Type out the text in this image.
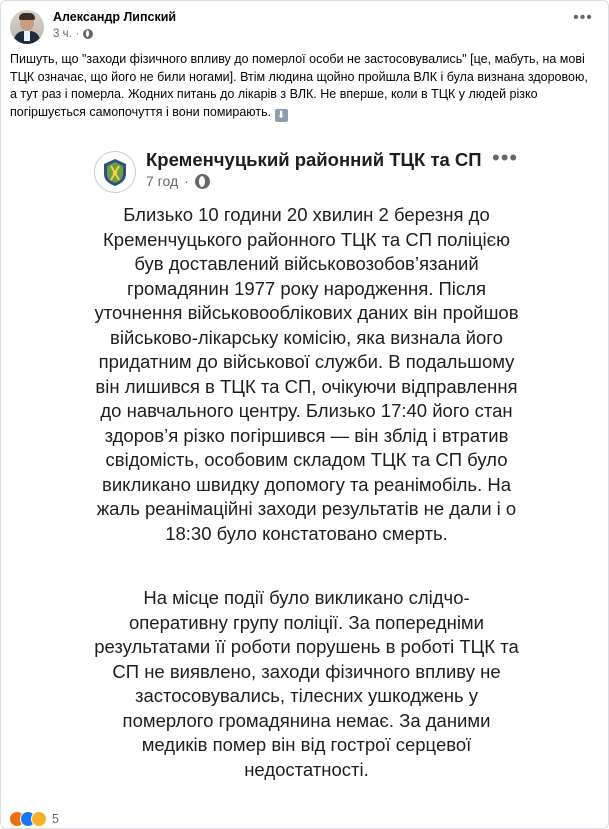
Александр Липский
3 ч. ·
•••
Пишуть, що "заходи фізичного впливу до померлої особи не застосовувались" [це, мабуть, на мові ТЦК означає, що його не били ногами]. Втім людина щойно пройшла ВЛК і була визнана здоровою, а тут раз і померла. Жодних питань до лікарів з ВЛК. Не вперше, коли в ТЦК у людей різко погіршується самопочуття і вони помирають. ⬇
Кременчуцький районний ТЦК та СП
7 год ·
•••
Близько 10 години 20 хвилин 2 березня до Кременчуцького районного ТЦК та СП поліцією був доставлений військовозобов’язаний громадянин 1977 року народження. Після уточнення військовооблікових даних він пройшов військово-лікарську комісію, яка визнала його придатним до військової служби. В подальшому він лишився в ТЦК та СП, очікуючи відправлення до навчального центру. Близько 17:40 його стан здоров’я різко погіршився — він зблід і втратив свідомість, особовим складом ТЦК та СП було викликано швидку допомогу та реанімобіль. На жаль реанімаційні заходи результатів не дали і о 18:30 було констатовано смерть.
На місце події було викликано слідчо-оперативну групу поліції. За попередніми результатами її роботи порушень в роботі ТЦК та СП не виявлено, заходи фізичного впливу не застосовувались, тілесних ушкоджень у померлого громадянина немає. За даними медиків помер він від гострої серцевої недостатності.
5
